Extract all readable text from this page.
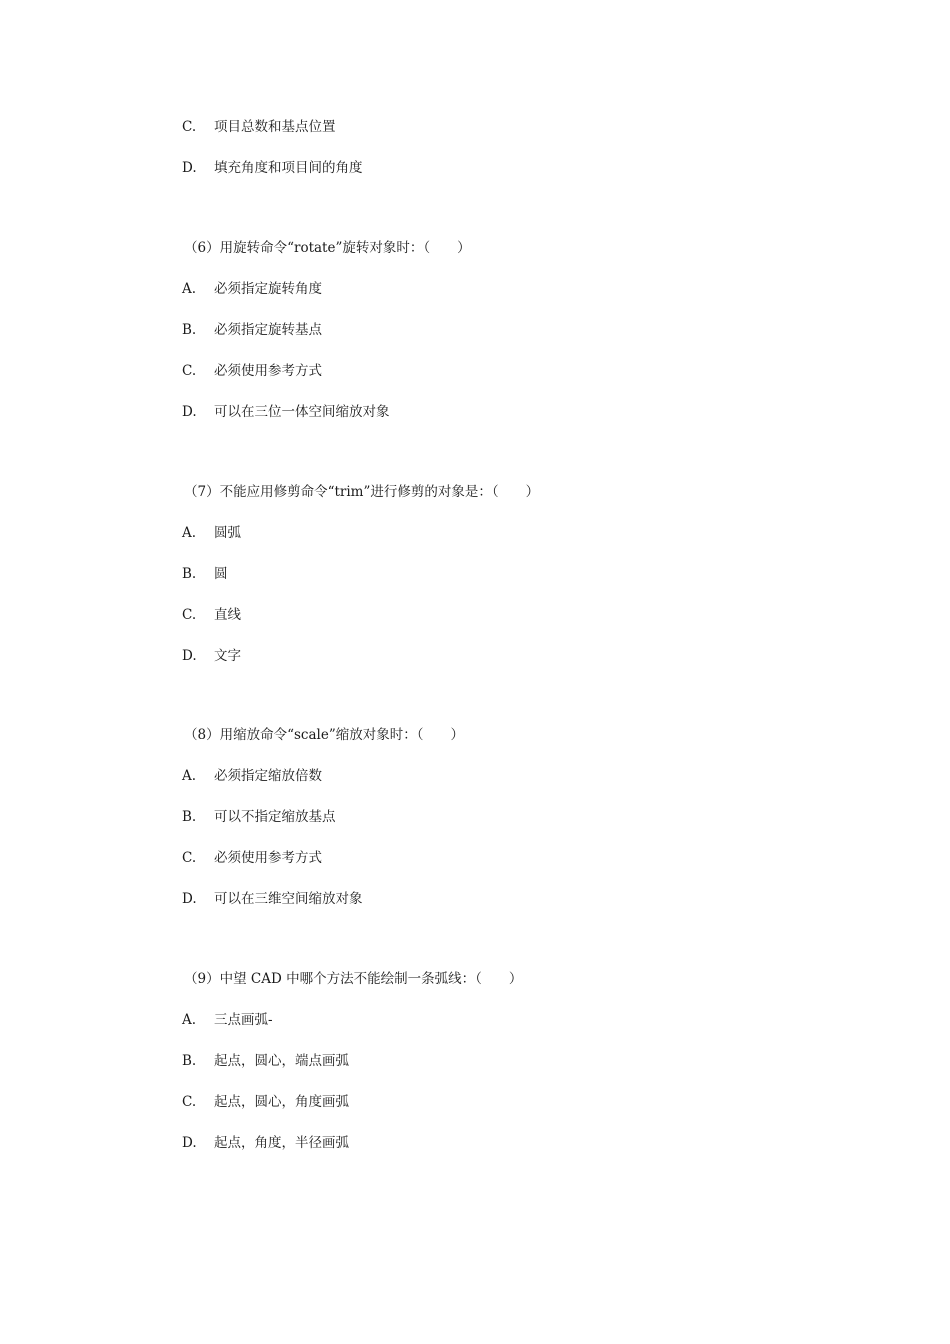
C. 项目总数和基点位置
D. 填充角度和项目间的角度
（6）用旋转命令“rotate”旋转对象时：（　　）
A. 必须指定旋转角度
B. 必须指定旋转基点
C. 必须使用参考方式
D. 可以在三位一体空间缩放对象
（7）不能应用修剪命令“trim”进行修剪的对象是：（　　）
A. 圆弧
B. 圆
C. 直线
D. 文字
（8）用缩放命令“scale”缩放对象时：（　　）
A. 必须指定缩放倍数
B. 可以不指定缩放基点
C. 必须使用参考方式
D. 可以在三维空间缩放对象
（9）中望 CAD 中哪个方法不能绘制一条弧线：（　　）
A. 三点画弧-
B. 起点，圆心，端点画弧
C. 起点，圆心，角度画弧
D. 起点，角度，半径画弧
